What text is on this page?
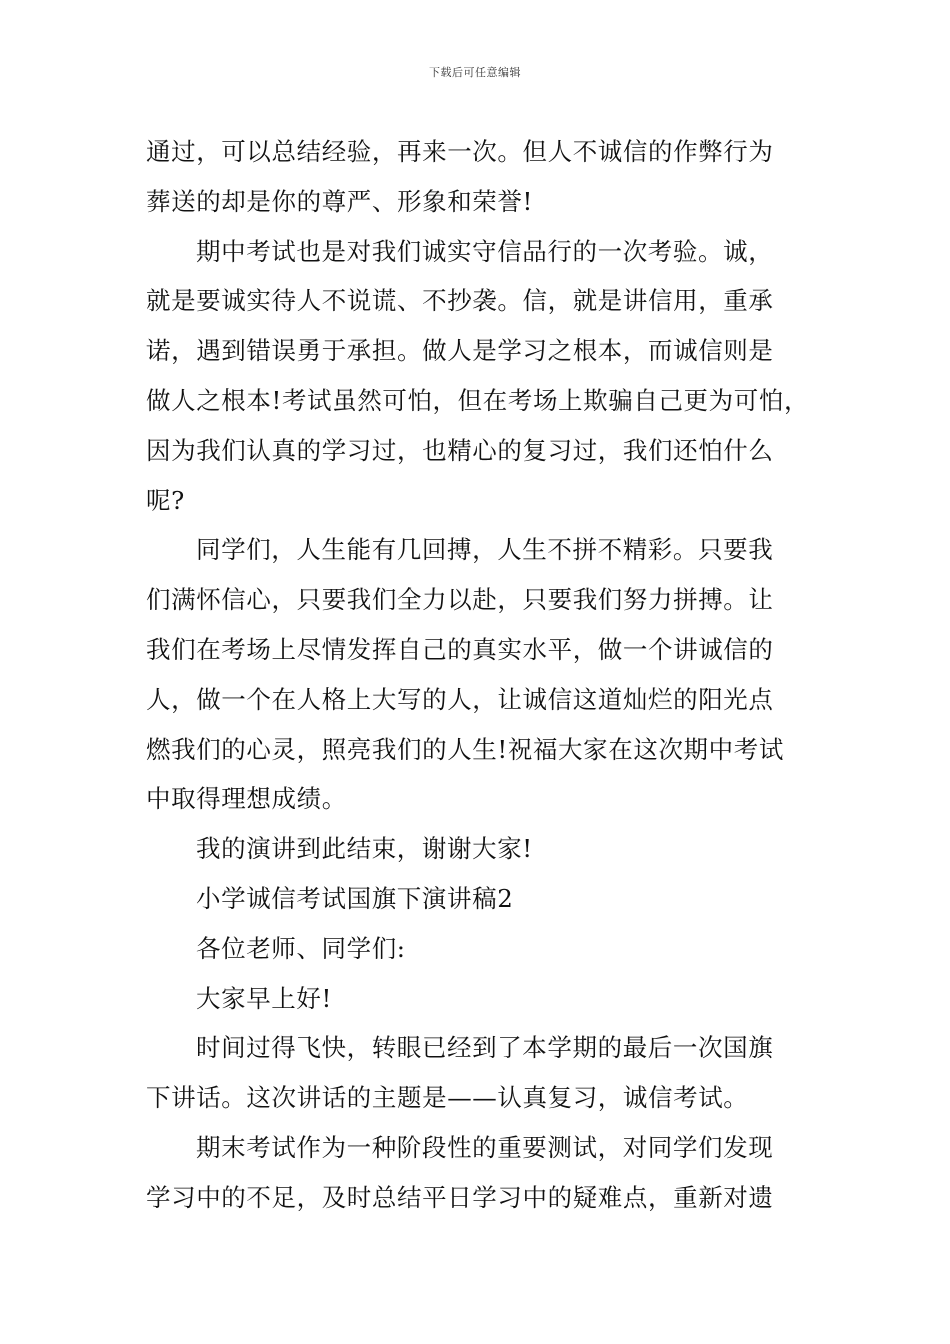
下载后可任意编辑
通过，可以总结经验，再来一次。但人不诚信的作弊行为
葬送的却是你的尊严、形象和荣誉!
期中考试也是对我们诚实守信品行的一次考验。诚，
就是要诚实待人不说谎、不抄袭。信，就是讲信用，重承
诺，遇到错误勇于承担。做人是学习之根本，而诚信则是
做人之根本!考试虽然可怕，但在考场上欺骗自己更为可怕，
因为我们认真的学习过，也精心的复习过，我们还怕什么
呢?
同学们，人生能有几回搏，人生不拼不精彩。只要我
们满怀信心，只要我们全力以赴，只要我们努力拼搏。让
我们在考场上尽情发挥自己的真实水平，做一个讲诚信的
人，做一个在人格上大写的人，让诚信这道灿烂的阳光点
燃我们的心灵，照亮我们的人生!祝福大家在这次期中考试
中取得理想成绩。
我的演讲到此结束，谢谢大家!
小学诚信考试国旗下演讲稿2
各位老师、同学们:
大家早上好!
时间过得飞快，转眼已经到了本学期的最后一次国旗
下讲话。这次讲话的主题是——认真复习，诚信考试。
期末考试作为一种阶段性的重要测试，对同学们发现
学习中的不足，及时总结平日学习中的疑难点，重新对遗
